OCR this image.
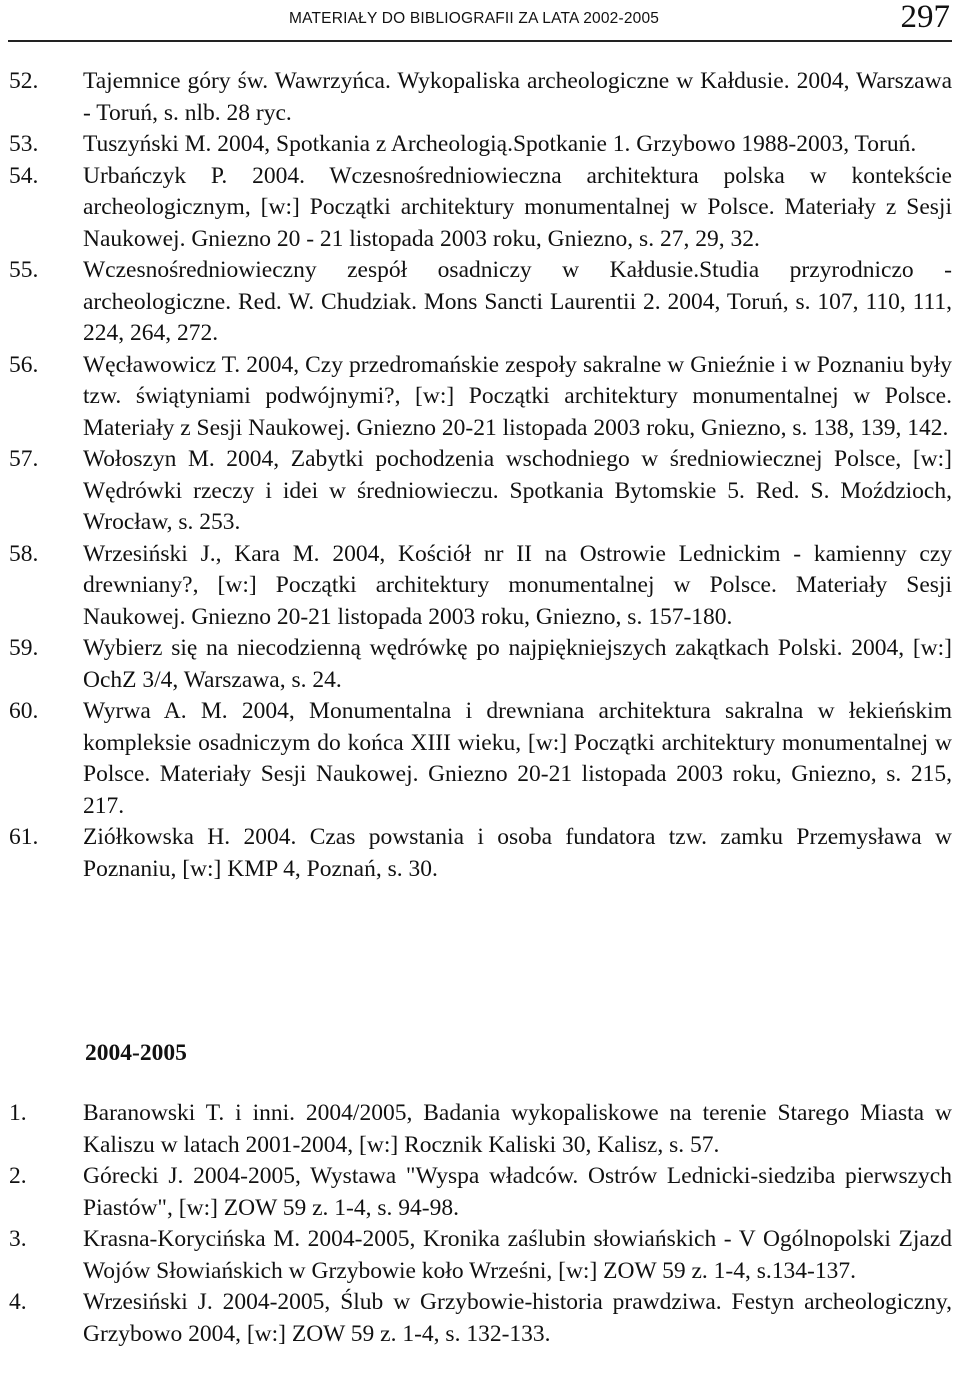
MATERIAŁY DO BIBLIOGRAFII ZA LATA 2002-2005	297
52. Tajemnice góry św. Wawrzyńca. Wykopaliska archeologiczne w Kałdusie. 2004, Warszawa - Toruń, s. nlb. 28 ryc.
53. Tuszyński M. 2004, Spotkania z Archeologią.Spotkanie 1. Grzybowo 1988-2003, Toruń.
54. Urbańczyk P. 2004. Wczesnośredniowieczna architektura polska w kontekście archeologicznym, [w:] Początki architektury monumentalnej w Polsce. Materiały z Sesji Naukowej. Gniezno 20 - 21 listopada 2003 roku, Gniezno, s. 27, 29, 32.
55. Wczesnośredniowieczny zespół osadniczy w Kałdusie.Studia przyrodniczo - archeologiczne. Red. W. Chudziak. Mons Sancti Laurentii 2. 2004, Toruń, s. 107, 110, 111, 224, 264, 272.
56. Węcławowicz T. 2004, Czy przedromańskie zespoły sakralne w Gnieźnie i w Poznaniu były tzw. świątyniami podwójnymi?, [w:] Początki architektury monumentalnej w Polsce. Materiały z Sesji Naukowej. Gniezno 20-21 listopada 2003 roku, Gniezno, s. 138, 139, 142.
57. Wołoszyn M. 2004, Zabytki pochodzenia wschodniego w średniowiecznej Polsce, [w:] Wędrówki rzeczy i idei w średniowieczu. Spotkania Bytomskie 5. Red. S. Moździoch, Wrocław, s. 253.
58. Wrzesiński J., Kara M. 2004, Kościół nr II na Ostrowie Lednickim - kamienny czy drewniany?, [w:] Początki architektury monumentalnej w Polsce. Materiały Sesji Naukowej. Gniezno 20-21 listopada 2003 roku, Gniezno, s. 157-180.
59. Wybierz się na niecodzienną wędrówkę po najpiękniejszych zakątkach Polski. 2004, [w:] OchZ 3/4, Warszawa, s. 24.
60. Wyrwa A. M. 2004, Monumentalna i drewniana architektura sakralna w łekieńskim kompleksie osadniczym do końca XIII wieku, [w:] Początki architektury monumentalnej w Polsce. Materiały Sesji Naukowej. Gniezno 20-21 listopada 2003 roku, Gniezno, s. 215, 217.
61. Ziółkowska H. 2004. Czas powstania i osoba fundatora tzw. zamku Przemysława w Poznaniu, [w:] KMP 4, Poznań, s. 30.
2004-2005
1. Baranowski T. i inni. 2004/2005, Badania wykopaliskowe na terenie Starego Miasta w Kaliszu w latach 2001-2004, [w:] Rocznik Kaliski 30, Kalisz, s. 57.
2. Górecki J. 2004-2005, Wystawa "Wyspa władców. Ostrów Lednicki-siedziba pierwszych Piastów", [w:] ZOW 59 z. 1-4, s. 94-98.
3. Krasna-Korycińska M. 2004-2005, Kronika zaślubin słowiańskich - V Ogólnopolski Zjazd Wojów Słowiańskich w Grzybowie koło Wrześni, [w:] ZOW 59 z. 1-4, s.134-137.
4. Wrzesiński J. 2004-2005, Ślub w Grzybowie-historia prawdziwa. Festyn archeologiczny, Grzybowo 2004, [w:] ZOW 59 z. 1-4, s. 132-133.
